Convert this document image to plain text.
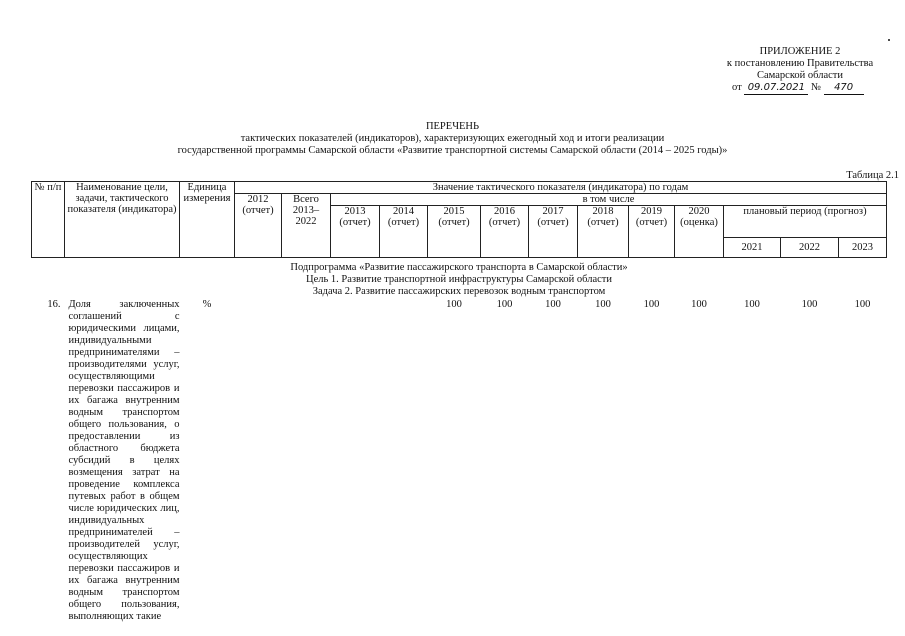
ПРИЛОЖЕНИЕ 2
к постановлению Правительства
Самарской области
от 09.07.2021 № 470
ПЕРЕЧЕНЬ
тактических показателей (индикаторов), характеризующих ежегодный ход и итоги реализации
государственной программы Самарской области «Развитие транспортной системы Самарской области (2014 – 2025 годы)»
Таблица 2.1
№ п/п	Наименование цели, задачи, тактического показателя (индикатора)	Единица измерения	Значение тактического показателя (индикатора) по годам												
			2012 (отчет)	Всего 2013–2022	в том числе										
					2013 (отчет)	2014 (отчет)	2015 (отчет)	2016 (отчет)	2017 (отчет)	2018 (отчет)	2019 (отчет)	2020 (оценка)	плановый период (прогноз)		
													2021	2022	2023
Подпрограмма «Развитие пассажирского транспорта в Самарской области»															
Цель 1. Развитие транспортной инфраструктуры Самарской области															
Задача 2. Развитие пассажирских перевозок водным транспортом															
16.	Доля заключенных соглашений с юридическими лицами, индивидуальными предпринимателями – производителями услуг, осуществляющими перевозки пассажиров и их багажа внутренним водным транспортом общего пользования, о предоставлении из областного бюджета субсидий в целях возмещения затрат на проведение комплекса путевых работ в общем числе юридических лиц, индивидуальных предпринимателей – производителей услуг, осуществляющих перевозки пассажиров и их багажа внутренним водным транспортом общего пользования, выполняющих такие	%					100	100	100	100	100	100	100	100	100
